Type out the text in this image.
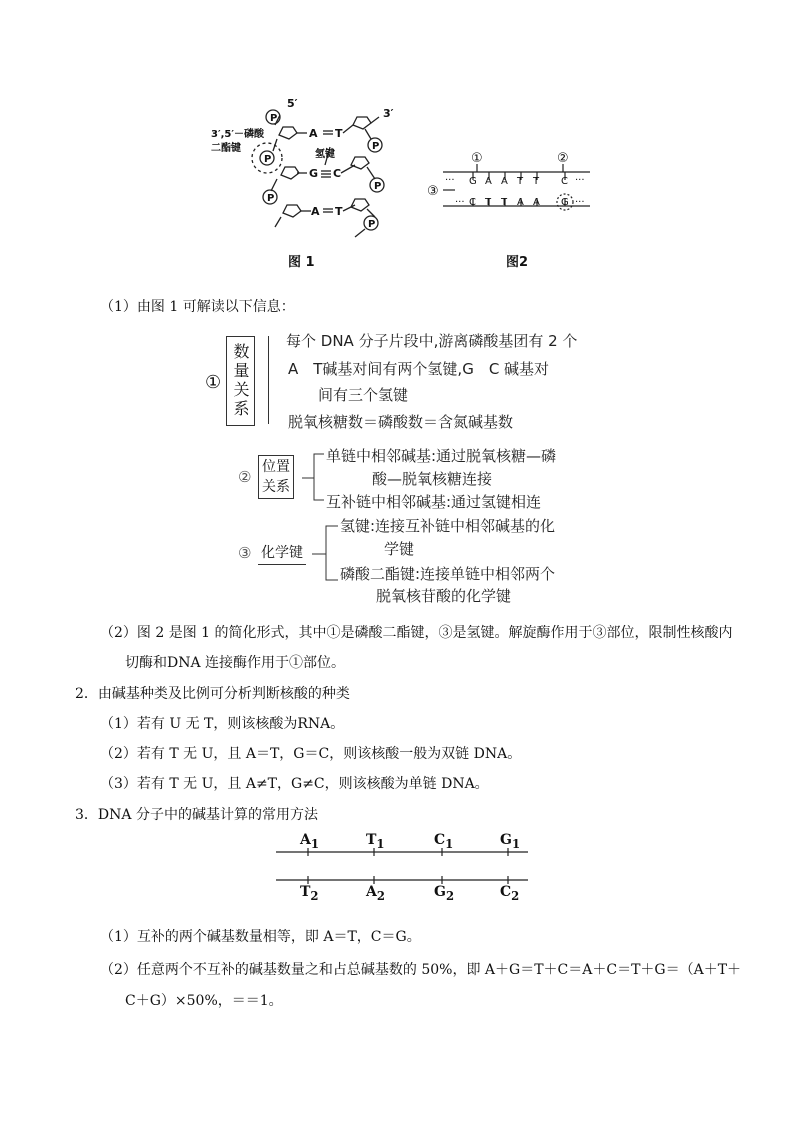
P
P
P
P
P
P
A T
G C
A T
5′
3′
3′,5′－磷酸
二酯键
氢键
图 1
①	②
③
···	···
···	···
G A A T T C
C T T A A G
图2
（1）由图 1 可解读以下信息：
① 数量关系
每个 DNA 分子片段中,游离磷酸基团有 2 个
A　T碱基对间有两个氢键,G　C 碱基对
间有三个氢键
脱氧核糖数＝磷酸数＝含氮碱基数
②
位置
关系
单链中相邻碱基:通过脱氧核糖—磷
酸—脱氧核糖连接
互补链中相邻碱基:通过氢键相连
③ 化学键
氢键:连接互补链中相邻碱基的化
学键
磷酸二酯键:连接单链中相邻两个
脱氧核苷酸的化学键
（2）图 2 是图 1 的简化形式，其中①是磷酸二酯键，③是氢键。解旋酶作用于③部位，限制性核酸内
切酶和DNA 连接酶作用于①部位。
2．由碱基种类及比例可分析判断核酸的种类
（1）若有 U 无 T，则该核酸为RNA。
（2）若有 T 无 U，且 A＝T，G＝C，则该核酸一般为双链 DNA。
（3）若有 T 无 U，且 A≠T，G≠C，则该核酸为单链 DNA。
3．DNA 分子中的碱基计算的常用方法
$A_1$	$T_1$	$C_1$	$G_1$
$T_2$	$A_2$	$G_2$	$C_2$
（1）互补的两个碱基数量相等，即 A＝T，C＝G。
（2）任意两个不互补的碱基数量之和占总碱基数的 50%，即 A＋G＝T＋C＝A＋C＝T＋G＝（A＋T＋
C＋G）×50%，＝＝1。
